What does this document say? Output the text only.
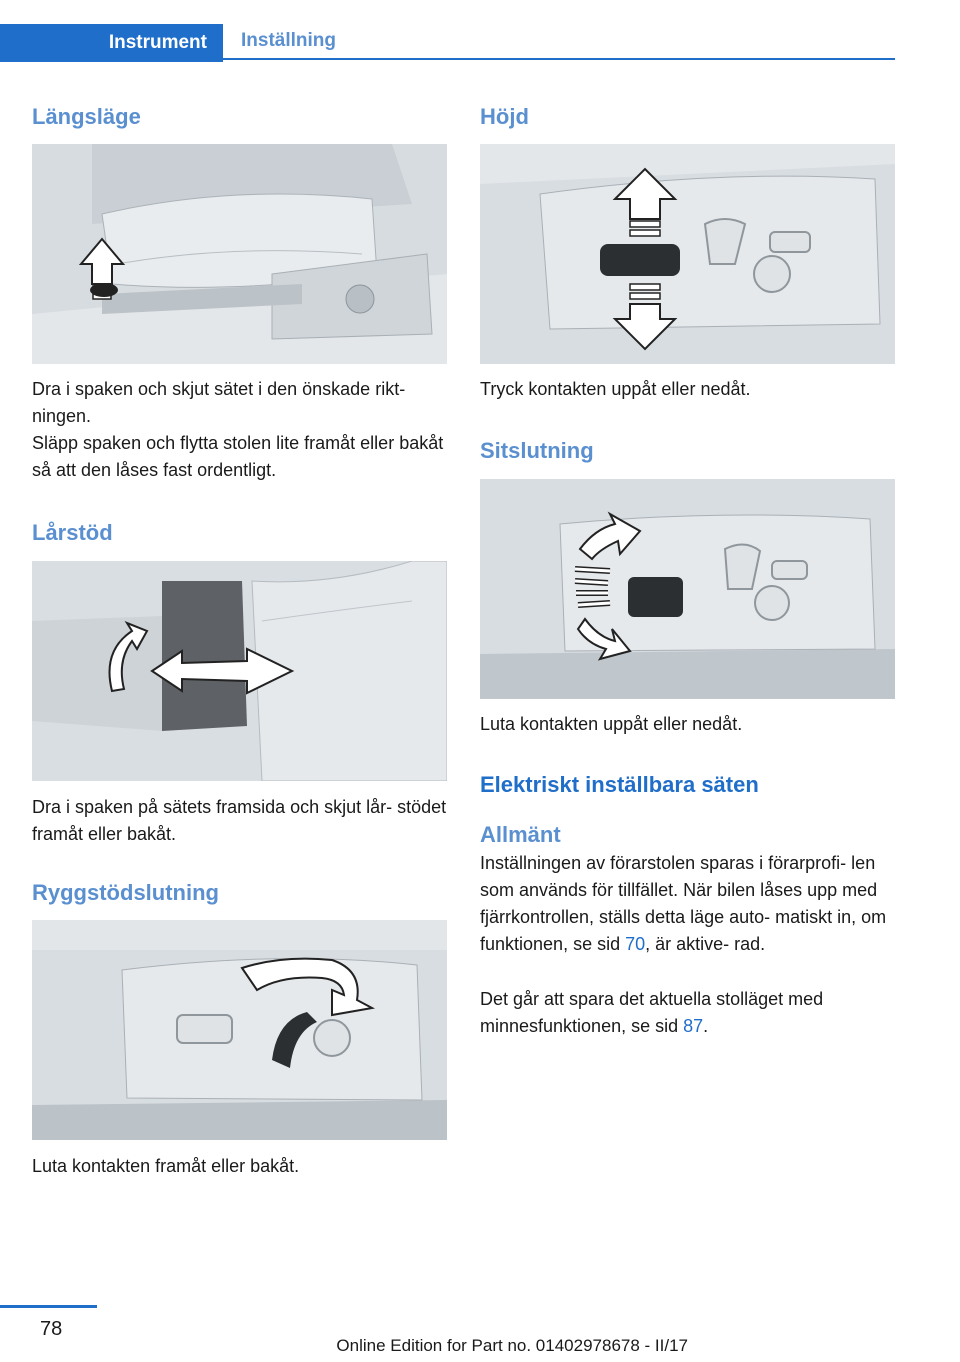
Instrument	Inställning
Längsläge

Dra i spaken och skjut sätet i den önskade rikt‐ ningen.

Släpp spaken och flytta stolen lite framåt eller bakåt så att den låses fast ordentligt.

Lårstöd

Dra i spaken på sätets framsida och skjut lår‐ stödet framåt eller bakåt.

Ryggstödslutning

Luta kontakten framåt eller bakåt.

Höjd

Tryck kontakten uppåt eller nedåt.

Sitslutning

Luta kontakten uppåt eller nedåt.

Elektriskt inställbara säten
Allmänt

Inställningen av förarstolen sparas i förarprofi‐ len som används för tillfället. När bilen låses upp med fjärrkontrollen, ställs detta läge auto‐ matiskt in, om funktionen, se sid 70, är aktive‐ rad.

Det går att spara det aktuella stolläget med minnesfunktionen, se sid 87.

78
Online Edition for Part no. 01402978678 - II/17
